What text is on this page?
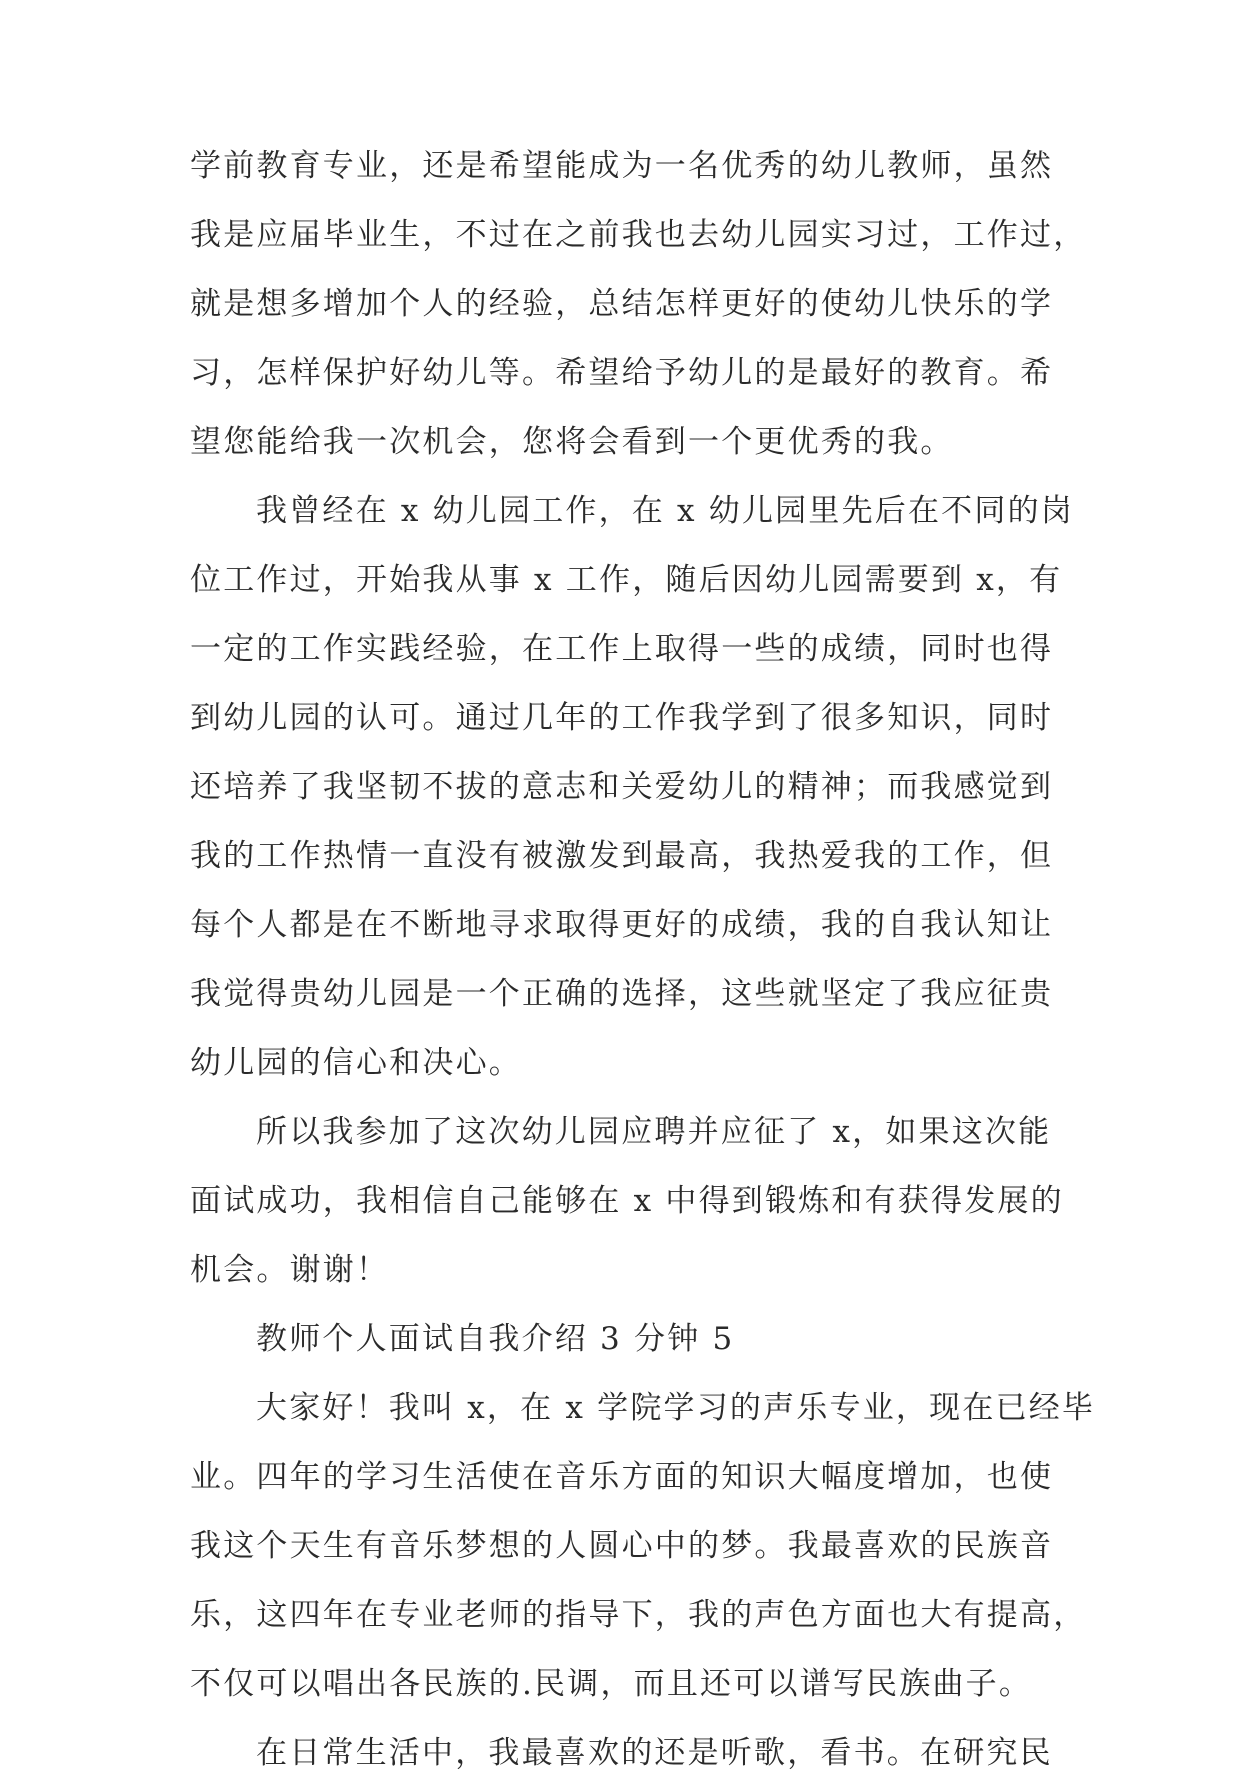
学前教育专业，还是希望能成为一名优秀的幼儿教师，虽然
我是应届毕业生，不过在之前我也去幼儿园实习过，工作过，
就是想多增加个人的经验，总结怎样更好的使幼儿快乐的学
习，怎样保护好幼儿等。希望给予幼儿的是最好的教育。希
望您能给我一次机会，您将会看到一个更优秀的我。
我曾经在 x 幼儿园工作，在 x 幼儿园里先后在不同的岗
位工作过，开始我从事 x 工作，随后因幼儿园需要到 x，有
一定的工作实践经验，在工作上取得一些的成绩，同时也得
到幼儿园的认可。通过几年的工作我学到了很多知识，同时
还培养了我坚韧不拔的意志和关爱幼儿的精神；而我感觉到
我的工作热情一直没有被激发到最高，我热爱我的工作，但
每个人都是在不断地寻求取得更好的成绩，我的自我认知让
我觉得贵幼儿园是一个正确的选择，这些就坚定了我应征贵
幼儿园的信心和决心。
所以我参加了这次幼儿园应聘并应征了 x，如果这次能
面试成功，我相信自己能够在 x 中得到锻炼和有获得发展的
机会。谢谢！
教师个人面试自我介绍 3 分钟 5
大家好！我叫 x，在 x 学院学习的声乐专业，现在已经毕
业。四年的学习生活使在音乐方面的知识大幅度增加，也使
我这个天生有音乐梦想的人圆心中的梦。我最喜欢的民族音
乐，这四年在专业老师的指导下，我的声色方面也大有提高，
不仅可以唱出各民族的.民调，而且还可以谱写民族曲子。
在日常生活中，我最喜欢的还是听歌，看书。在研究民
